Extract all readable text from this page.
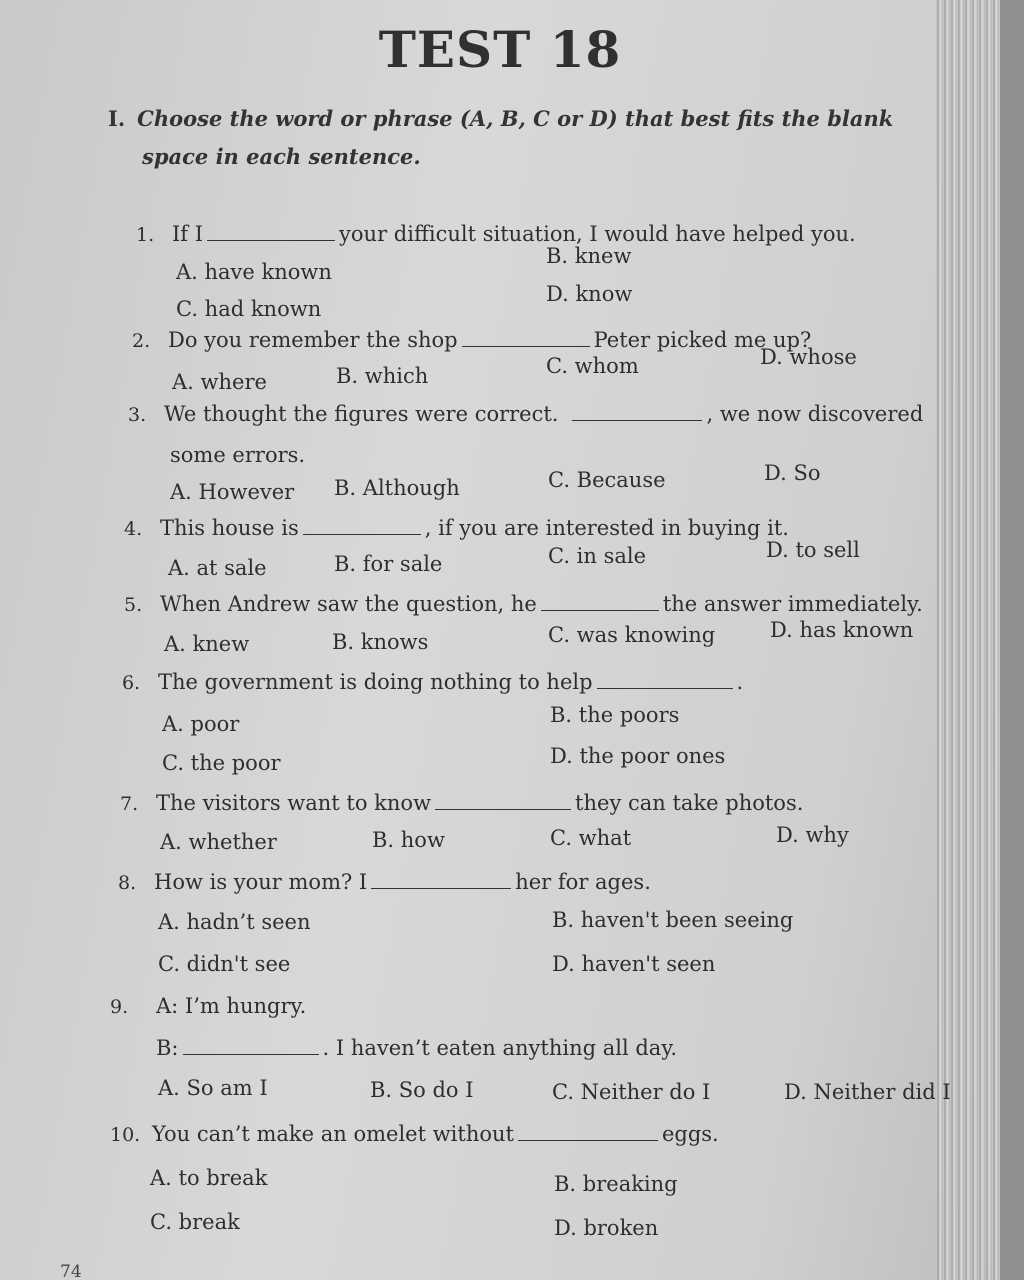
TEST 18
I. Choose the word or phrase (A, B, C or D) that best fits the blank
space in each sentence.
1. If I	your difficult situation, I would have helped you.
A. have known
B. knew
C. had known
D. know
2. Do you remember the shop	Peter picked me up?
A. where	B. which	C. whom	D. whose
3. We thought the figures were correct.	, we now discovered
some errors.
A. However B. Although	C. Because	D. So
4. This house is	, if you are interested in buying it.
A. at sale	B. for sale	C. in sale	D. to sell
5. When Andrew saw the question, he	the answer immediately.
A. knew	B. knows	C. was knowing	D. has known
6. The government is doing nothing to help	.
A. poor	B. the poors
C. the poor	D. the poor ones
7. The visitors want to know	they can take photos.
A. whether	B. how	C. what	D. why
8. How is your mom? I	her for ages.
A. hadn’t seen	B. haven't been seeing
C. didn't see	D. haven't seen
9. A: I’m hungry.
B:	. I haven’t eaten anything all day.
A. So am I	B. So do I	C. Neither do I	D. Neither did I
10. You can’t make an omelet without	eggs.
A. to break	B. breaking
C. break	D. broken
74
